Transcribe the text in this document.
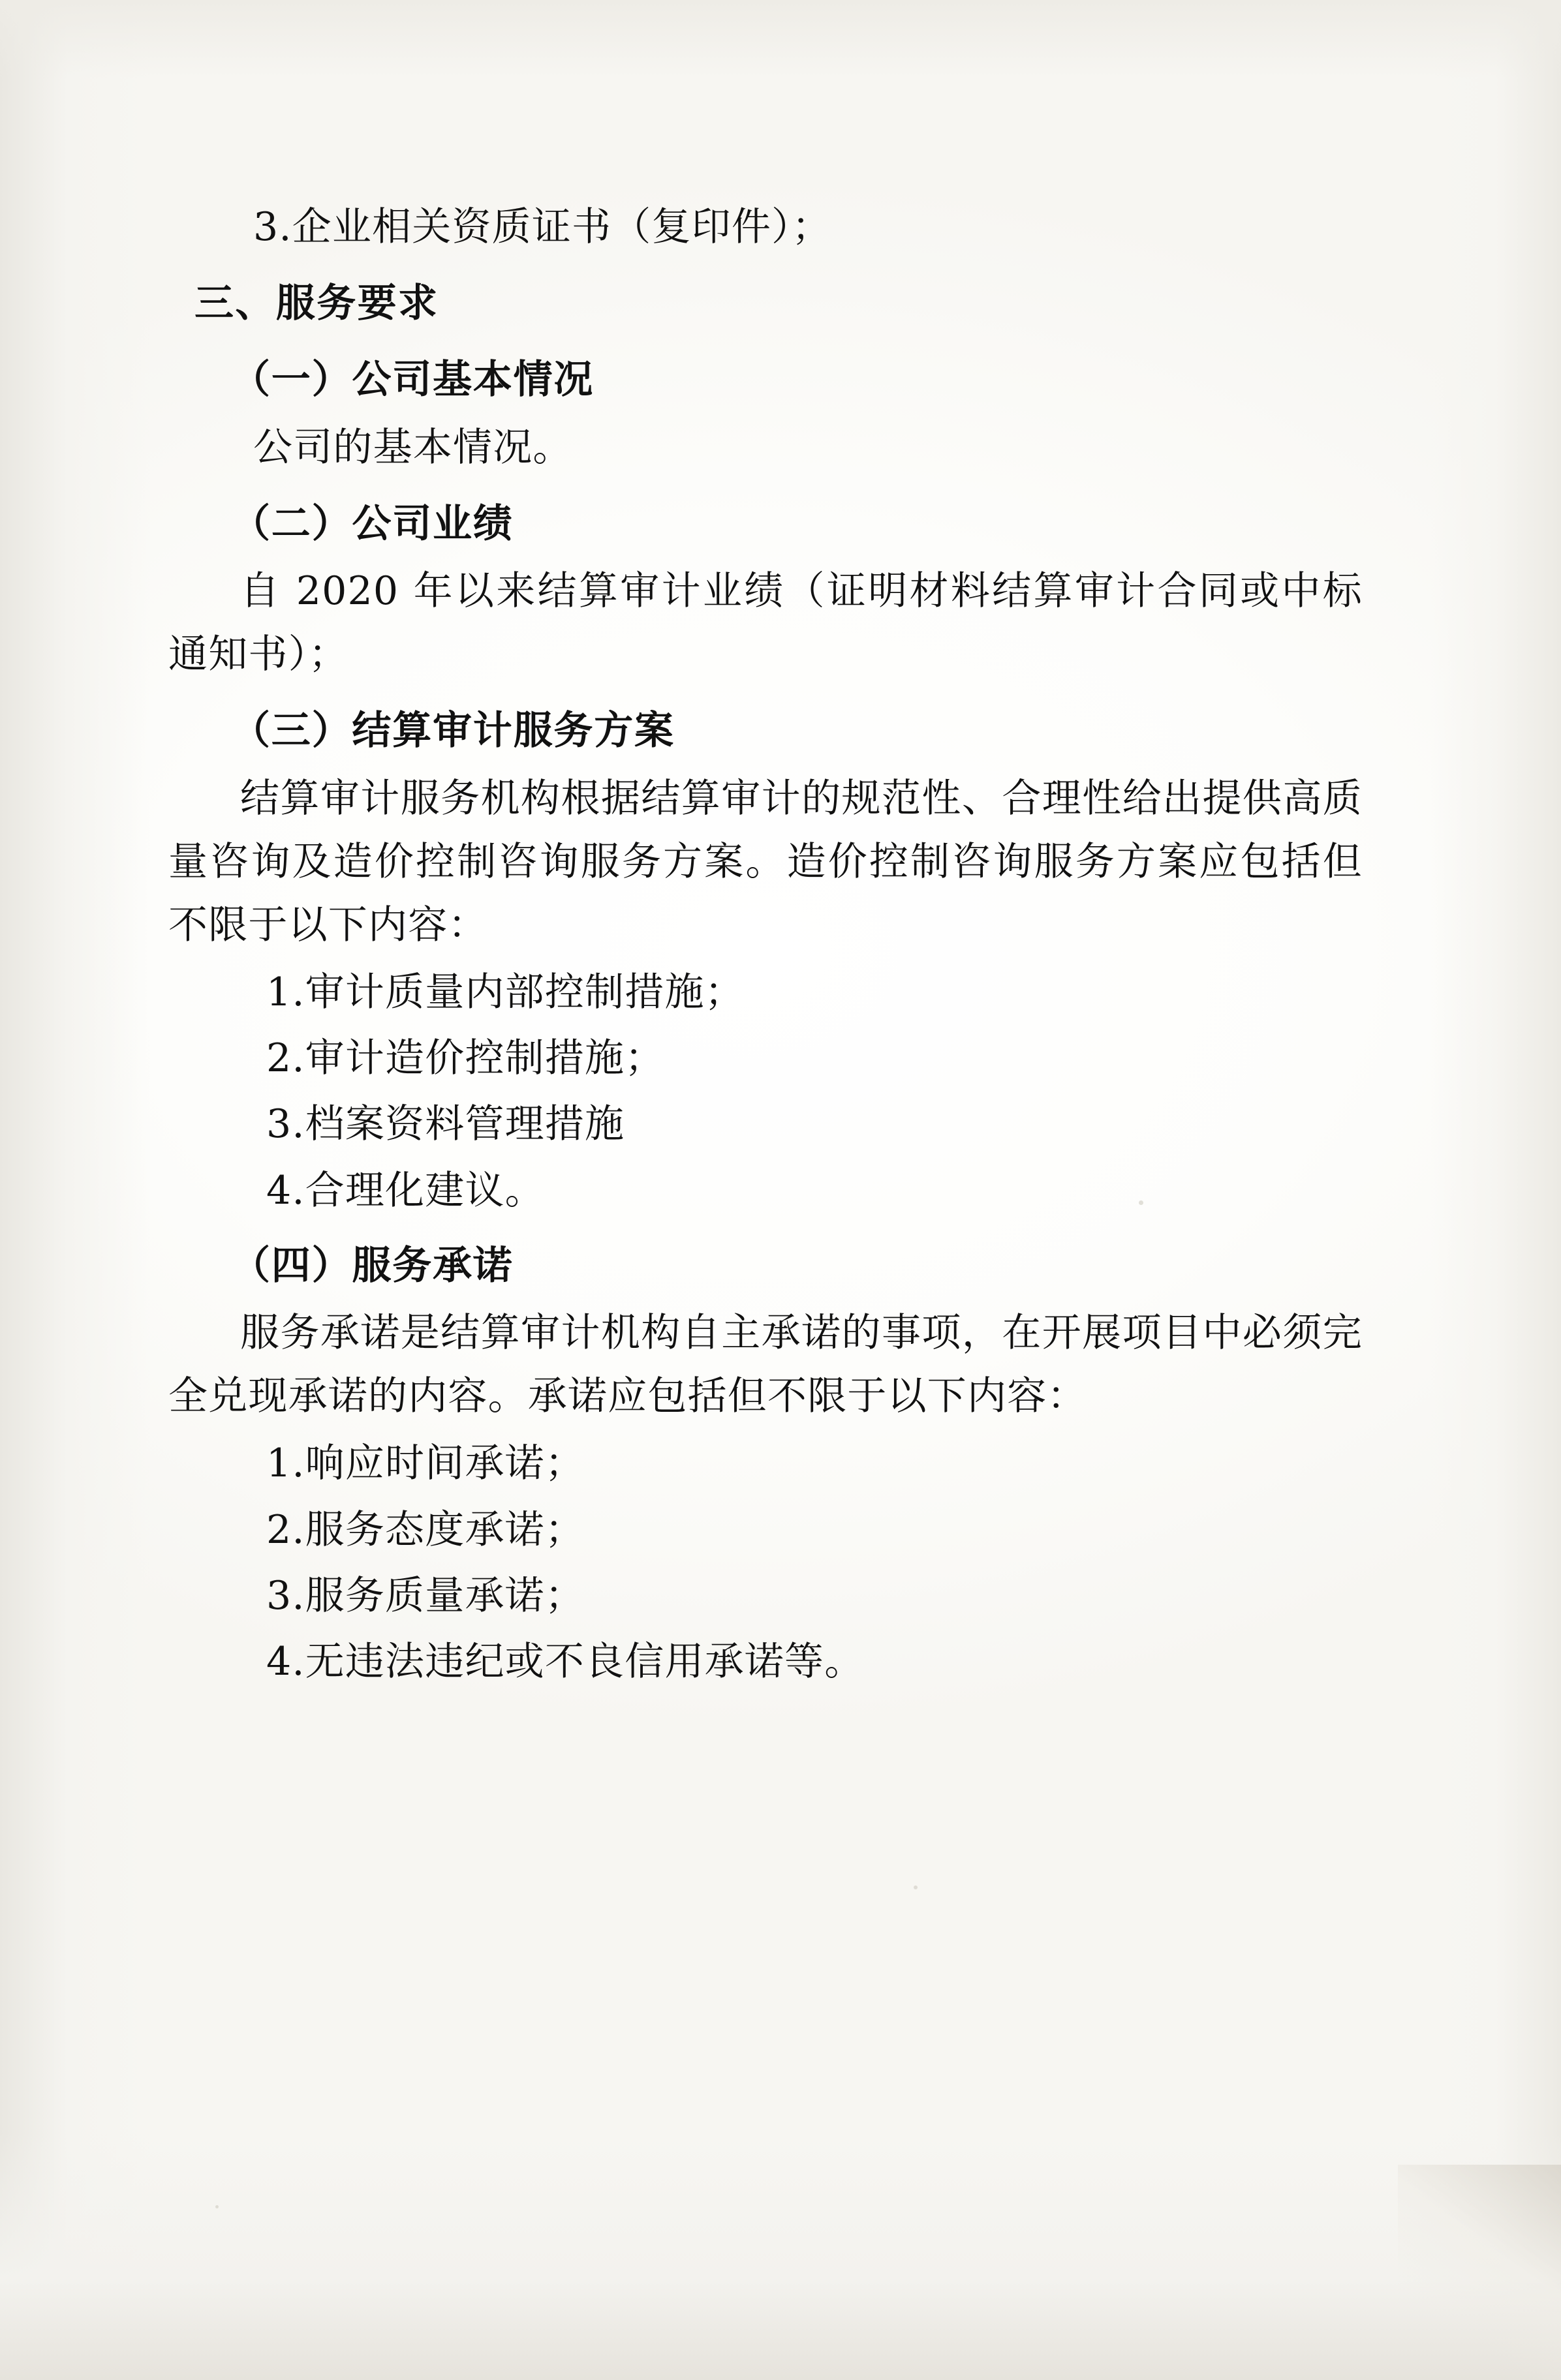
3.企业相关资质证书（复印件）；

三、服务要求

（一）公司基本情况

公司的基本情况。

（二）公司业绩

自 2020 年以来结算审计业绩（证明材料结算审计合同或中标通知书）；

（三）结算审计服务方案

结算审计服务机构根据结算审计的规范性、合理性给出提供高质量咨询及造价控制咨询服务方案。造价控制咨询服务方案应包括但不限于以下内容：

1.审计质量内部控制措施；

2.审计造价控制措施；

3.档案资料管理措施

4.合理化建议。

（四）服务承诺

服务承诺是结算审计机构自主承诺的事项，在开展项目中必须完全兑现承诺的内容。承诺应包括但不限于以下内容：

1.响应时间承诺；

2.服务态度承诺；

3.服务质量承诺；

4.无违法违纪或不良信用承诺等。
